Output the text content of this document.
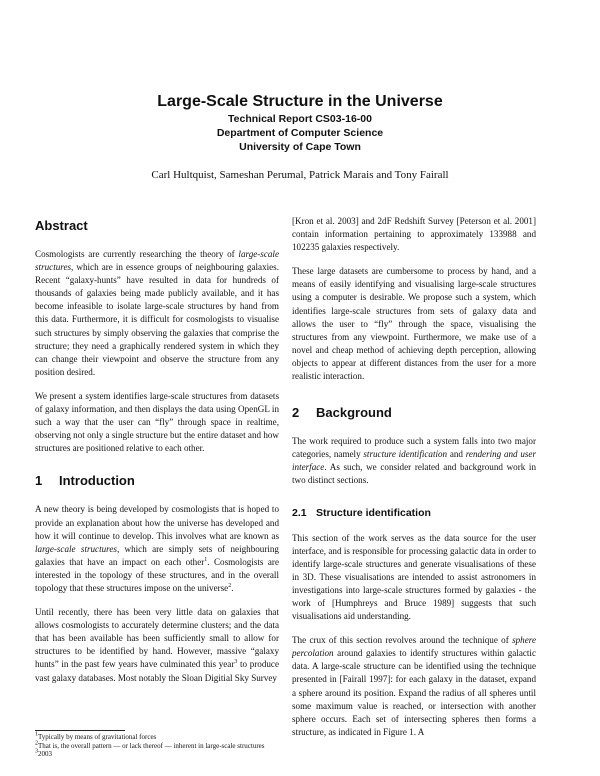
Large-Scale Structure in the Universe
Technical Report CS03-16-00
Department of Computer Science
University of Cape Town
Carl Hultquist, Sameshan Perumal, Patrick Marais and Tony Fairall
Abstract

Cosmologists are currently researching the theory of large-scale structures, which are in essence groups of neighbouring galaxies. Recent “galaxy-hunts” have resulted in data for hundreds of thousands of galaxies being made publicly available, and it has become infeasible to isolate large-scale structures by hand from this data. Furthermore, it is difficult for cosmologists to visualise such structures by simply observing the galaxies that comprise the structure; they need a graphically rendered system in which they can change their viewpoint and observe the structure from any position desired.

We present a system identifies large-scale structures from datasets of galaxy information, and then displays the data using OpenGL in such a way that the user can “fly” through space in realtime, observing not only a single structure but the entire dataset and how structures are positioned relative to each other.

1 Introduction

A new theory is being developed by cosmologists that is hoped to provide an explanation about how the universe has developed and how it will continue to develop. This involves what are known as large-scale structures, which are simply sets of neighbouring galaxies that have an impact on each other$^1$. Cosmologists are interested in the topology of these structures, and in the overall topology that these structures impose on the universe$^2$.

Until recently, there has been very little data on galaxies that allows cosmologists to accurately determine clusters; and the data that has been available has been sufficiently small to allow for structures to be identified by hand. However, massive “galaxy hunts” in the past few years have culminated this year$^3$ to produce vast galaxy databases. Most notably the Sloan Digitial Sky Survey

$^1$Typically by means of gravitational forces
$^2$That is, the overall pattern — or lack thereof — inherent in large-scale structures
$^3$2003

[Kron et al. 2003] and 2dF Redshift Survey [Peterson et al. 2001] contain information pertaining to approximately 133988 and 102235 galaxies respectively.

These large datasets are cumbersome to process by hand, and a means of easily identifying and visualising large-scale structures using a computer is desirable. We propose such a system, which identifies large-scale structures from sets of galaxy data and allows the user to “fly” through the space, visualising the structures from any viewpoint. Furthermore, we make use of a novel and cheap method of achieving depth perception, allowing objects to appear at different distances from the user for a more realistic interaction.

2 Background

The work required to produce such a system falls into two major categories, namely structure identification and rendering and user interface. As such, we consider related and background work in two distinct sections.

2.1 Structure identification

This section of the work serves as the data source for the user interface, and is responsible for processing galactic data in order to identify large-scale structures and generate visualisations of these in 3D. These visualisations are intended to assist astronomers in investigations into large-scale structures formed by galaxies - the work of [Humphreys and Bruce 1989] suggests that such visualisations aid understanding.

The crux of this section revolves around the technique of sphere percolation around galaxies to identify structures within galactic data. A large-scale structure can be identified using the technique presented in [Fairall 1997]: for each galaxy in the dataset, expand a sphere around its position. Expand the radius of all spheres until some maximum value is reached, or intersection with another sphere occurs. Each set of intersecting spheres then forms a structure, as indicated in Figure 1. A
